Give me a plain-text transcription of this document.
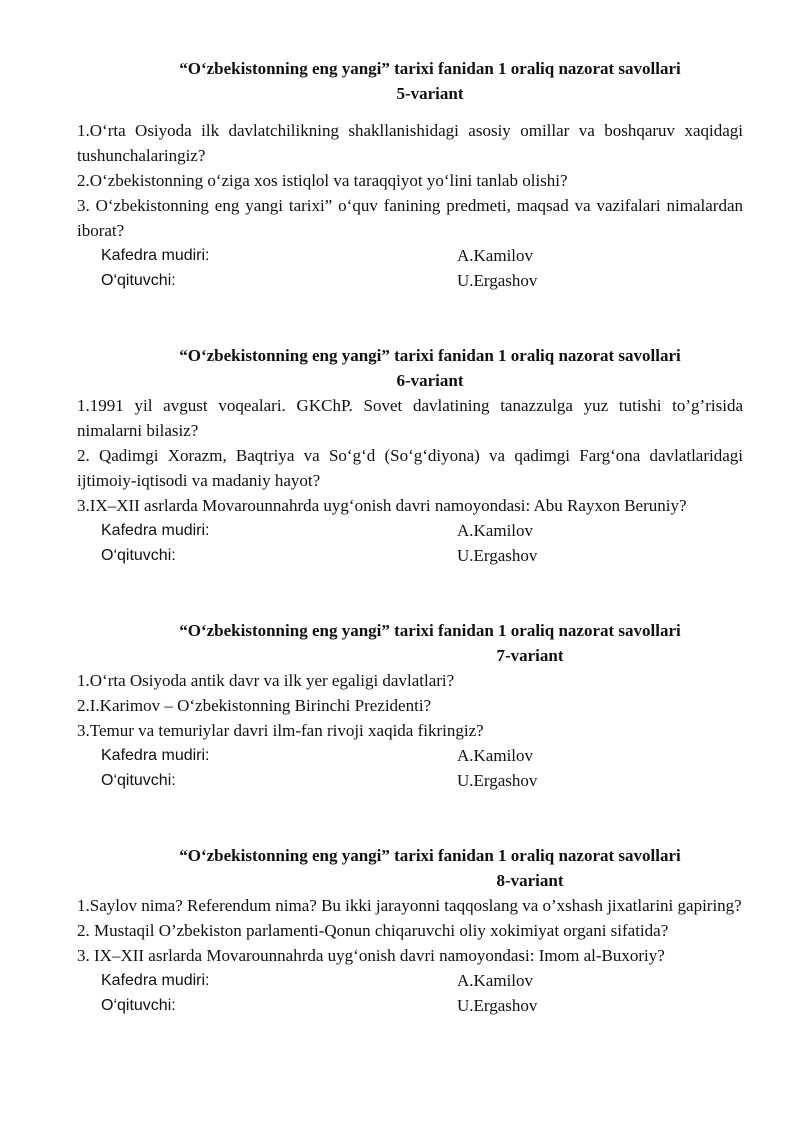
“O‘zbekistonning eng yangi” tarixi fanidan 1 oraliq nazorat savollari

5-variant

1.O‘rta Osiyoda ilk davlatchilikning shakllanishidagi asosiy omillar va boshqaruv xaqidagi tushunchalaringiz?

2.O‘zbekistonning o‘ziga xos istiqlol va taraqqiyot yo‘lini tanlab olishi?

3. O‘zbekistonning eng yangi tarixi” o‘quv fanining predmeti, maqsad va vazifalari nimalardan iborat?

Kafedra mudiri:	A.Kamilov
O‘qituvchi:	U.Ergashov

“O‘zbekistonning eng yangi” tarixi fanidan 1 oraliq nazorat savollari

6-variant

1.1991 yil avgust voqealari. GKChP. Sovet davlatining tanazzulga yuz tutishi to’g’risida nimalarni bilasiz?

2. Qadimgi Xorazm, Baqtriya va So‘g‘d (So‘g‘diyona) va qadimgi Farg‘ona davlatlaridagi ijtimoiy-iqtisodi va madaniy hayot?

3.IX–XII asrlarda Movarounnahrda uyg‘onish davri namoyondasi: Abu Rayxon Beruniy?

Kafedra mudiri:	A.Kamilov
O‘qituvchi:	U.Ergashov

“O‘zbekistonning eng yangi” tarixi fanidan 1 oraliq nazorat savollari

7-variant

1.O‘rta Osiyoda antik davr va ilk yer egaligi davlatlari?

2.I.Karimov – O‘zbekistonning Birinchi Prezidenti?

3.Temur va temuriylar davri ilm-fan rivoji xaqida fikringiz?

Kafedra mudiri:	A.Kamilov
O‘qituvchi:	U.Ergashov

“O‘zbekistonning eng yangi” tarixi fanidan 1 oraliq nazorat savollari

8-variant

1.Saylov nima? Referendum nima? Bu ikki jarayonni taqqoslang va o’xshash jixatlarini gapiring?

2. Mustaqil O’zbekiston parlamenti-Qonun chiqaruvchi oliy xokimiyat organi sifatida?

3. IX–XII asrlarda Movarounnahrda uyg‘onish davri namoyondasi: Imom al-Buxoriy?

Kafedra mudiri:	A.Kamilov
O‘qituvchi:	U.Ergashov
